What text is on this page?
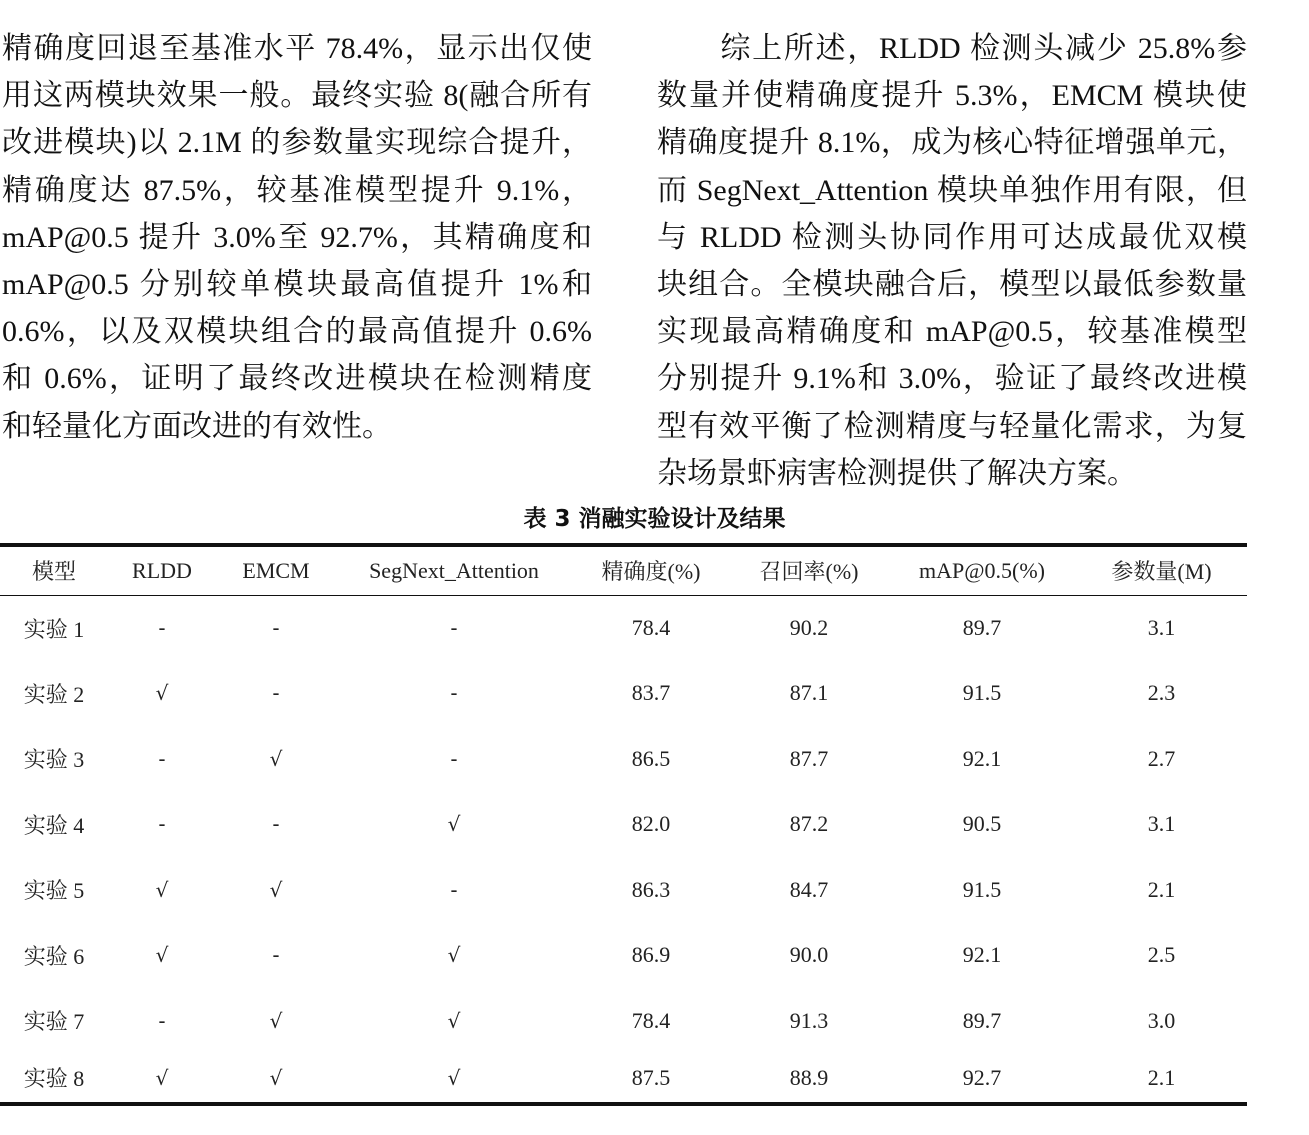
精确度回退至基准水平 78.4%，显示出仅使
用这两模块效果一般。最终实验 8(融合所有
改进模块)以 2.1M 的参数量实现综合提升，
精确度达 87.5%，较基准模型提升 9.1%，
mAP@0.5 提升 3.0%至 92.7%，其精确度和
mAP@0.5 分别较单模块最高值提升 1%和
0.6%，以及双模块组合的最高值提升 0.6%
和 0.6%，证明了最终改进模块在检测精度
和轻量化方面改进的有效性。
　　综上所述，RLDD 检测头减少 25.8%参
数量并使精确度提升 5.3%，EMCM 模块使
精确度提升 8.1%，成为核心特征增强单元，
而 SegNext_Attention 模块单独作用有限，但
与 RLDD 检测头协同作用可达成最优双模
块组合。全模块融合后，模型以最低参数量
实现最高精确度和 mAP@0.5，较基准模型
分别提升 9.1%和 3.0%，验证了最终改进模
型有效平衡了检测精度与轻量化需求，为复
杂场景虾病害检测提供了解决方案。
表 3 消融实验设计及结果
模型	RLDD	EMCM	SegNext_Attention	精确度(%)	召回率(%)	mAP@0.5(%)	参数量(M)
实验 1	-	-	-	78.4	90.2	89.7	3.1
实验 2	√	-	-	83.7	87.1	91.5	2.3
实验 3	-	√	-	86.5	87.7	92.1	2.7
实验 4	-	-	√	82.0	87.2	90.5	3.1
实验 5	√	√	-	86.3	84.7	91.5	2.1
实验 6	√	-	√	86.9	90.0	92.1	2.5
实验 7	-	√	√	78.4	91.3	89.7	3.0
实验 8	√	√	√	87.5	88.9	92.7	2.1
